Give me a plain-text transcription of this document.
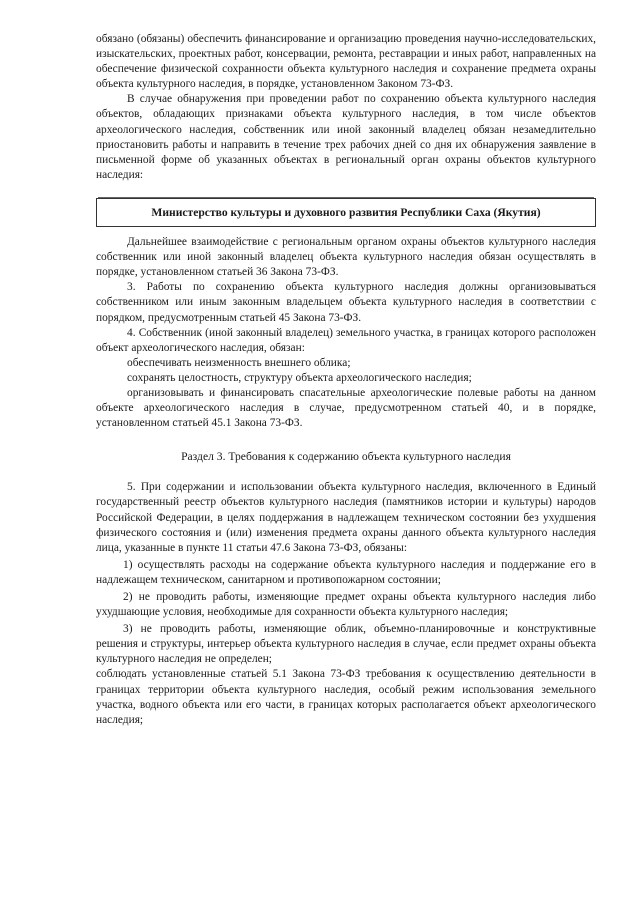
обязано (обязаны) обеспечить финансирование и организацию проведения научно-исследовательских, изыскательских, проектных работ, консервации, ремонта, реставрации и иных работ, направленных на обеспечение физической сохранности объекта культурного наследия и сохранение предмета охраны объекта культурного наследия, в порядке, установленном Законом 73-ФЗ.

В случае обнаружения при проведении работ по сохранению объекта культурного наследия объектов, обладающих признаками объекта культурного наследия, в том числе объектов археологического наследия, собственник или иной законный владелец обязан незамедлительно приостановить работы и направить в течение трех рабочих дней со дня их обнаружения заявление в письменной форме об указанных объектах в региональный орган охраны объектов культурного наследия:

Министерство культуры и духовного развития Республики Саха (Якутия)

Дальнейшее взаимодействие с региональным органом охраны объектов культурного наследия собственник или иной законный владелец объекта культурного наследия обязан осуществлять в порядке, установленном статьей 36 Закона 73-ФЗ.

3. Работы по сохранению объекта культурного наследия должны организовываться собственником или иным законным владельцем объекта культурного наследия в соответствии с порядком, предусмотренным статьей 45 Закона 73-ФЗ.

4. Собственник (иной законный владелец) земельного участка, в границах которого расположен объект археологического наследия, обязан:

обеспечивать неизменность внешнего облика;

сохранять целостность, структуру объекта археологического наследия;

организовывать и финансировать спасательные археологические полевые работы на данном объекте археологического наследия в случае, предусмотренном статьей 40, и в порядке, установленном статьей 45.1 Закона 73-ФЗ.

Раздел 3. Требования к содержанию объекта культурного наследия

5. При содержании и использовании объекта культурного наследия, включенного в Единый государственный реестр объектов культурного наследия (памятников истории и культуры) народов Российской Федерации, в целях поддержания в надлежащем техническом состоянии без ухудшения физического состояния и (или) изменения предмета охраны данного объекта культурного наследия лица, указанные в пункте 11 статьи 47.6 Закона 73-ФЗ, обязаны:

1) осуществлять расходы на содержание объекта культурного наследия и поддержание его в надлежащем техническом, санитарном и противопожарном состоянии;

2) не проводить работы, изменяющие предмет охраны объекта культурного наследия либо ухудшающие условия, необходимые для сохранности объекта культурного наследия;

3) не проводить работы, изменяющие облик, объемно-планировочные и конструктивные решения и структуры, интерьер объекта культурного наследия в случае, если предмет охраны объекта культурного наследия не определен;

соблюдать установленные статьей 5.1 Закона 73-ФЗ требования к осуществлению деятельности в границах территории объекта культурного наследия, особый режим использования земельного участка, водного объекта или его части, в границах которых располагается объект археологического наследия;
